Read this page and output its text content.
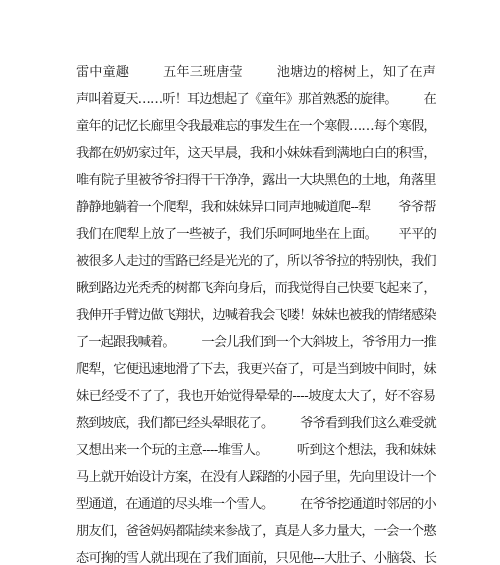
雷中童趣        五年三班唐莹        池塘边的榕树上，知了在声

声叫着夏天……听！耳边想起了《童年》那首熟悉的旋律。        在

童年的记忆长廊里令我最难忘的事发生在一个寒假……每个寒假，

我都在奶奶家过年，这天早晨，我和小妹妹看到满地白白的积雪，

唯有院子里被爷爷扫得干干净净，露出一大块黑色的土地，角落里

静静地躺着一个爬犁，我和妹妹异口同声地喊道爬--犁        爷爷帮

我们在爬犁上放了一些被子，我们乐呵呵地坐在上面。      平平的

被很多人走过的雪路已经是光光的了，所以爷爷拉的特别快，我们

瞅到路边光秃秃的树都飞奔向身后，而我觉得自己快要飞起来了，

我伸开手臂边做飞翔状，边喊着我会飞喽！妹妹也被我的情绪感染

了一起跟我喊着。        一会儿我们到一个大斜坡上，爷爷用力一推

爬犁，它便迅速地滑了下去，我更兴奋了，可是当到坡中间时，妹

妹已经受不了了，我也开始觉得晕晕的----坡度太大了，好不容易

熬到坡底，我们都已经头晕眼花了。        爷爷看到我们这么难受就

又想出来一个玩的主意----堆雪人。        听到这个想法，我和妹妹

马上就开始设计方案，在没有人踩踏的小园子里，先向里设计一个

型通道，在通道的尽头堆一个雪人。        在爷爷挖通道时邻居的小

朋友们，爸爸妈妈都陆续来参战了，真是人多力量大，一会一个憨

态可掬的雪人就出现在了我们面前，只见他---大肚子、小脑袋、长
